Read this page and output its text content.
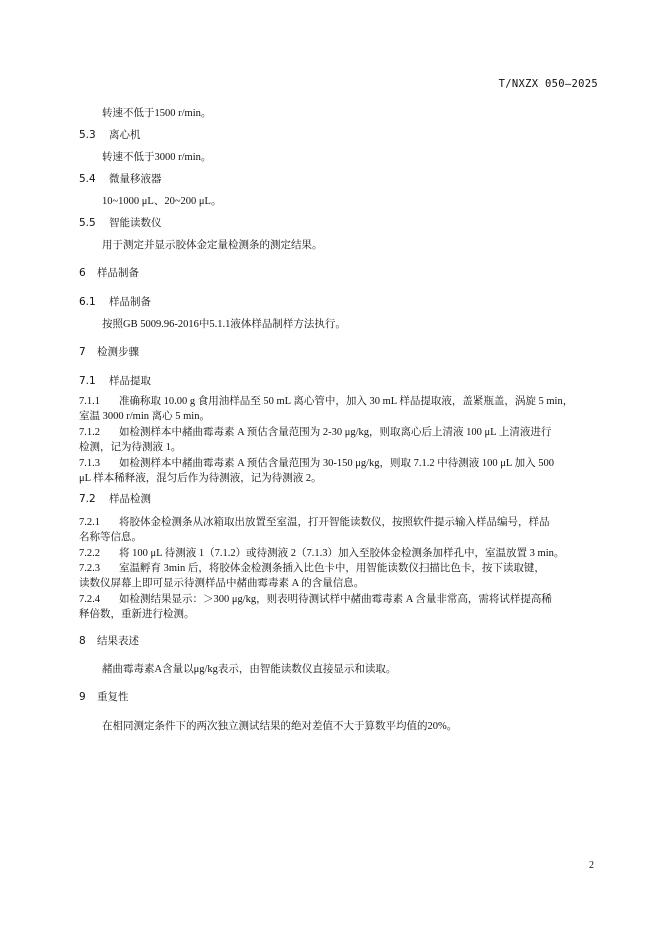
T/NXZX 050—2025
转速不低于1500 r/min。
5.3 离心机
转速不低于3000 r/min。
5.4 微量移液器
10~1000 μL、20~200 μL。
5.5 智能读数仪
用于测定并显示胶体金定量检测条的测定结果。
6 样品制备
6.1 样品制备
按照GB 5009.96-2016中5.1.1液体样品制样方法执行。
7 检测步骤
7.1 样品提取
7.1.1 准确称取 10.00 g 食用油样品至 50 mL 离心管中，加入 30 mL 样品提取液，盖紧瓶盖，涡旋 5 min，
室温 3000 r/min 离心 5 min。
7.1.2 如检测样本中赭曲霉毒素 A 预估含量范围为 2-30 μg/kg，则取离心后上清液 100 μL 上清液进行
检测，记为待测液 1。
7.1.3 如检测样本中赭曲霉毒素 A 预估含量范围为 30-150 μg/kg，则取 7.1.2 中待测液 100 μL 加入 500
μL 样本稀释液，混匀后作为待测液，记为待测液 2。
7.2 样品检测
7.2.1 将胶体金检测条从冰箱取出放置至室温，打开智能读数仪，按照软件提示输入样品编号，样品
名称等信息。
7.2.2 将 100 μL 待测液 1（7.1.2）或待测液 2（7.1.3）加入至胶体金检测条加样孔中，室温放置 3 min。
7.2.3 室温孵育 3min 后，将胶体金检测条插入比色卡中，用智能读数仪扫描比色卡，按下读取键，
读数仪屏幕上即可显示待测样品中赭曲霉毒素 A 的含量信息。
7.2.4 如检测结果显示：＞300 μg/kg，则表明待测试样中赭曲霉毒素 A 含量非常高，需将试样提高稀
释倍数，重新进行检测。
8 结果表述
赭曲霉毒素A含量以μg/kg表示，由智能读数仪直接显示和读取。
9 重复性
在相同测定条件下的两次独立测试结果的绝对差值不大于算数平均值的20%。
2
